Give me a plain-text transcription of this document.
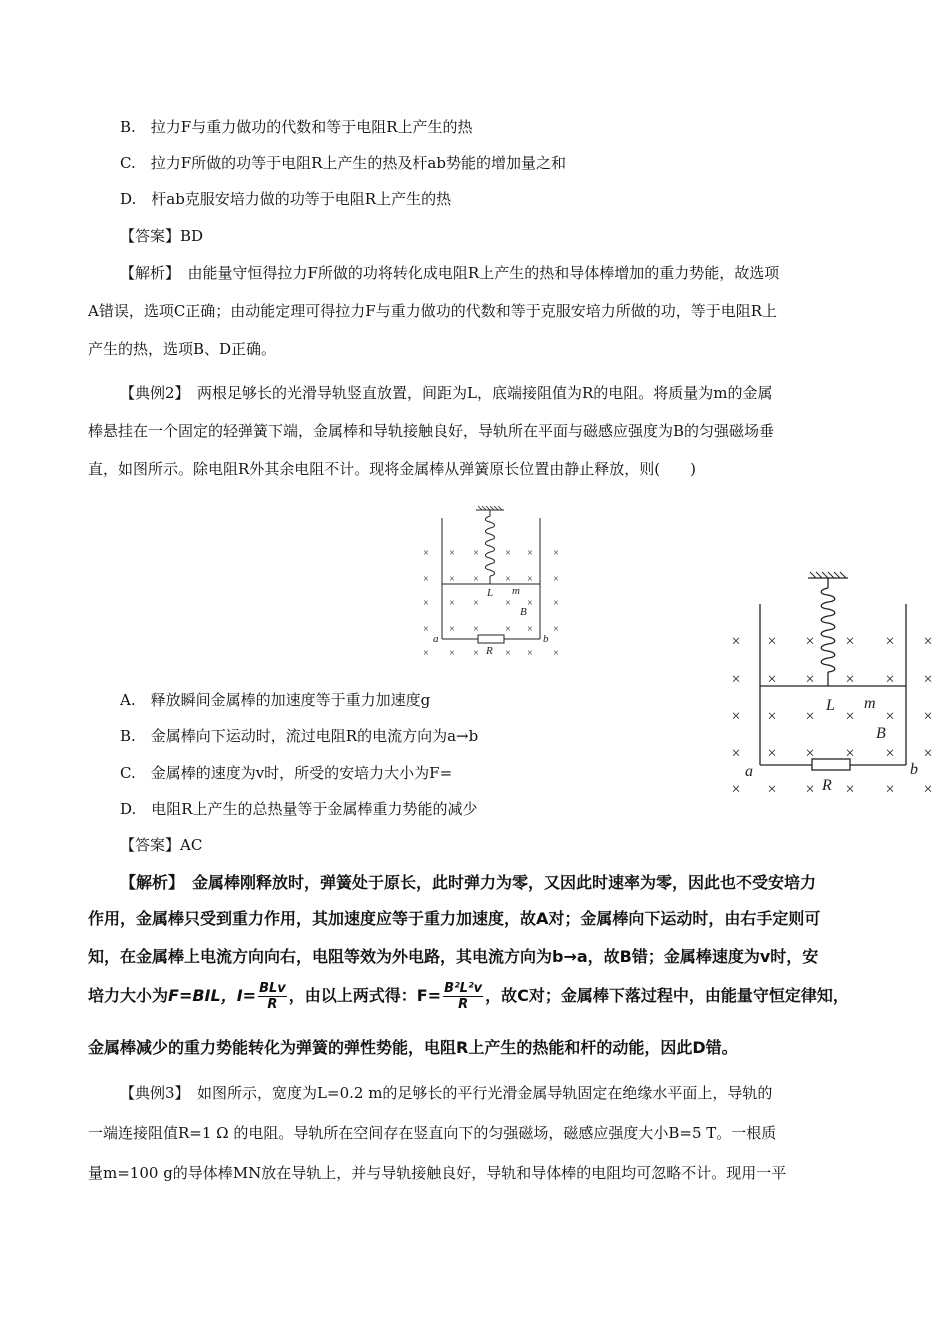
B.　拉力F与重力做功的代数和等于电阻R上产生的热
C.　拉力F所做的功等于电阻R上产生的热及杆ab势能的增加量之和
D.　杆ab克服安培力做的功等于电阻R上产生的热
【答案】BD
【解析】　由能量守恒得拉力F所做的功将转化成电阻R上产生的热和导体棒增加的重力势能，故选项
A错误，选项C正确；由动能定理可得拉力F与重力做功的代数和等于克服安培力所做的功，等于电阻R上
产生的热，选项B、D正确。
【典例2】　两根足够长的光滑导轨竖直放置，间距为L，底端接阻值为R的电阻。将质量为m的金属
棒悬挂在一个固定的轻弹簧下端，金属棒和导轨接触良好，导轨所在平面与磁感应强度为B的匀强磁场垂
直，如图所示。除电阻R外其余电阻不计。现将金属棒从弹簧原长位置由静止释放，则(　　)
× × ×	× × ×
× × ×	× × ×
× × ×	× × ×
× × ×	× × ×
× × ×	× × ×
L m
B
a	b
R
× × × × × ×
× × × × × ×
× × × × × ×
× × × × × ×
× × × × × ×
L m
B
a	b
R
A.　释放瞬间金属棒的加速度等于重力加速度g
B.　金属棒向下运动时，流过电阻R的电流方向为a→b
C.　金属棒的速度为v时，所受的安培力大小为F=
D.　电阻R上产生的总热量等于金属棒重力势能的减少
【答案】AC
【解析】　金属棒刚释放时，弹簧处于原长，此时弹力为零，又因此时速率为零，因此也不受安培力
作用，金属棒只受到重力作用，其加速度应等于重力加速度，故A对；金属棒向下运动时，由右手定则可
知，在金属棒上电流方向向右，电阻等效为外电路，其电流方向为b→a，故B错；金属棒速度为v时，安
培力大小为 F=BIL，I= BLv
R ，由以上两式得：$F= \frac{\text{B²L²v}}{R}$ ，故C对；金属棒下落过程中，由能量守恒定律知，
金属棒减少的重力势能转化为弹簧的弹性势能，电阻R上产生的热能和杆的动能，因此D错。
【典例3】　如图所示，宽度为L=0.2 m的足够长的平行光滑金属导轨固定在绝缘水平面上，导轨的
一端连接阻值R=1 Ω 的电阻。导轨所在空间存在竖直向下的匀强磁场，磁感应强度大小B=5 T。一根质
量m=100 g的导体棒MN放在导轨上，并与导轨接触良好，导轨和导体棒的电阻均可忽略不计。现用一平
